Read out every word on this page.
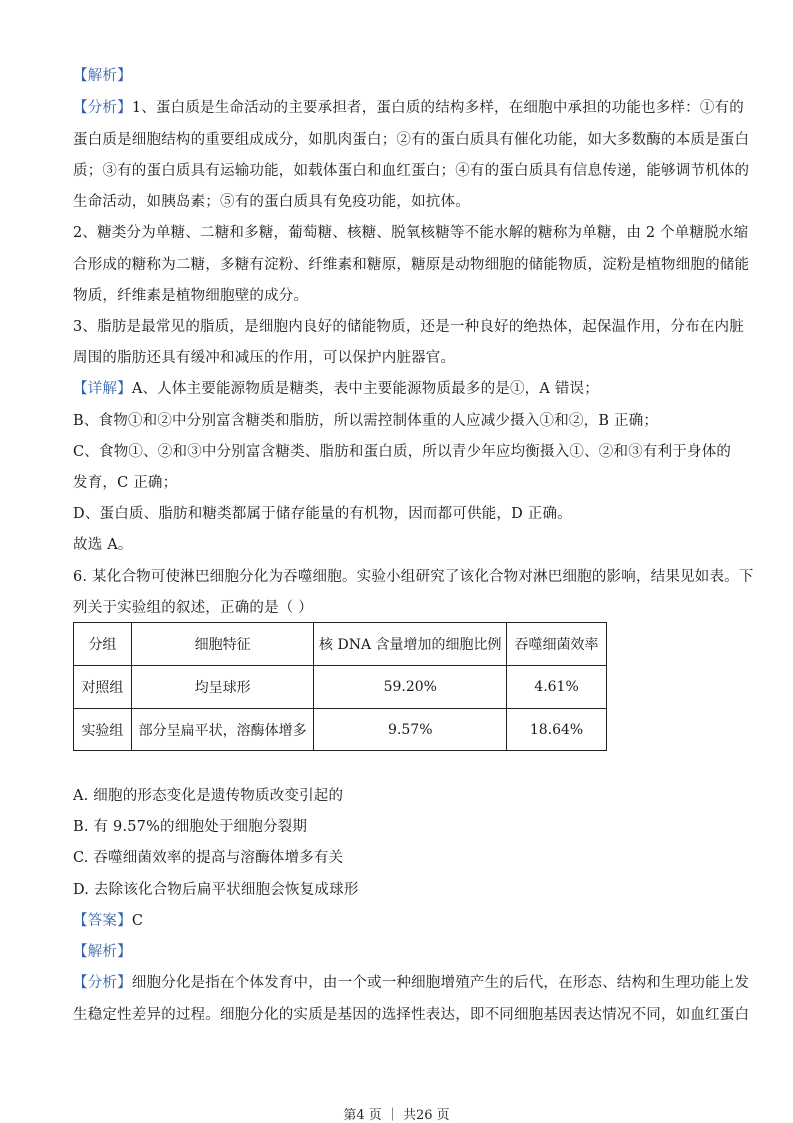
【解析】
【分析】1、蛋白质是生命活动的主要承担者，蛋白质的结构多样，在细胞中承担的功能也多样：①有的
蛋白质是细胞结构的重要组成成分，如肌肉蛋白；②有的蛋白质具有催化功能，如大多数酶的本质是蛋白
质；③有的蛋白质具有运输功能，如载体蛋白和血红蛋白；④有的蛋白质具有信息传递，能够调节机体的
生命活动，如胰岛素；⑤有的蛋白质具有免疫功能，如抗体。
2、糖类分为单糖、二糖和多糖，葡萄糖、核糖、脱氧核糖等不能水解的糖称为单糖，由 2 个单糖脱水缩
合形成的糖称为二糖，多糖有淀粉、纤维素和糖原，糖原是动物细胞的储能物质，淀粉是植物细胞的储能
物质，纤维素是植物细胞壁的成分。
3、脂肪是最常见的脂质，是细胞内良好的储能物质，还是一种良好的绝热体，起保温作用，分布在内脏
周围的脂肪还具有缓冲和减压的作用，可以保护内脏器官。
【详解】A、人体主要能源物质是糖类，表中主要能源物质最多的是①，A 错误；
B、食物①和②中分别富含糖类和脂肪，所以需控制体重的人应减少摄入①和②，B 正确；
C、食物①、②和③中分别富含糖类、脂肪和蛋白质，所以青少年应均衡摄入①、②和③有利于身体的
发育，C 正确；
D、蛋白质、脂肪和糖类都属于储存能量的有机物，因而都可供能，D 正确。
故选 A。
6. 某化合物可使淋巴细胞分化为吞噬细胞。实验小组研究了该化合物对淋巴细胞的影响，结果见如表。下
列关于实验组的叙述，正确的是（ ）
分组	细胞特征	核 DNA 含量增加的细胞比例	吞噬细菌效率
对照组	均呈球形	59.20%	4.61%
实验组	部分呈扁平状，溶酶体增多	9.57%	18.64%
A. 细胞的形态变化是遗传物质改变引起的
B. 有 9.57%的细胞处于细胞分裂期
C. 吞噬细菌效率的提高与溶酶体增多有关
D. 去除该化合物后扁平状细胞会恢复成球形
【答案】C
【解析】
【分析】细胞分化是指在个体发育中，由一个或一种细胞增殖产生的后代，在形态、结构和生理功能上发
生稳定性差异的过程。细胞分化的实质是基因的选择性表达，即不同细胞基因表达情况不同，如血红蛋白
第4 页 ｜ 共26 页
